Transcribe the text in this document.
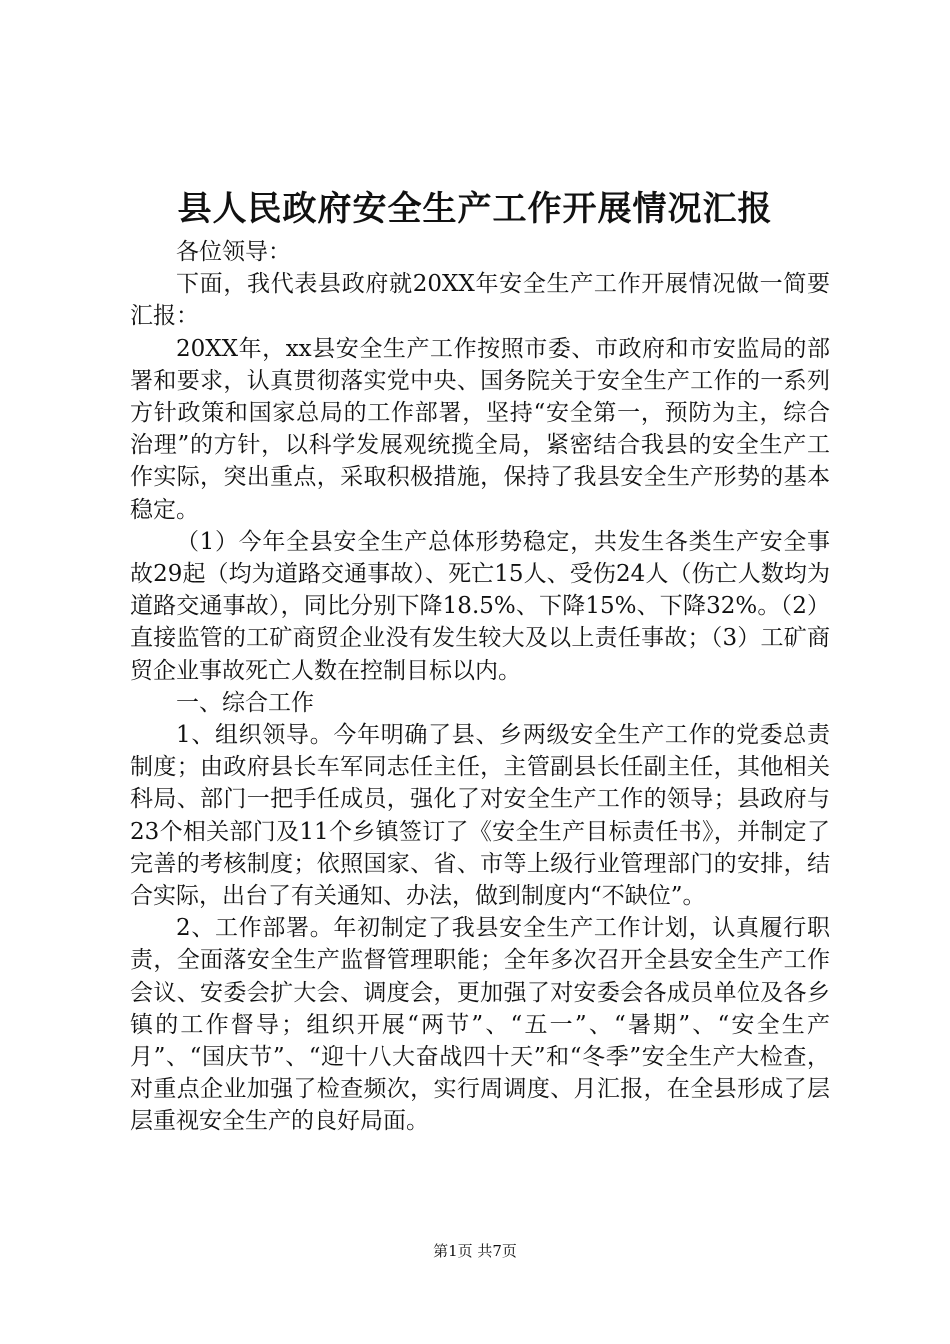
县人民政府安全生产工作开展情况汇报

各位领导：

下面，我代表县政府就20XX年安全生产工作开展情况做一简要汇报：

20XX年，xx县安全生产工作按照市委、市政府和市安监局的部署和要求，认真贯彻落实党中央、国务院关于安全生产工作的一系列方针政策和国家总局的工作部署，坚持“安全第一，预防为主，综合治理”的方针，以科学发展观统揽全局，紧密结合我县的安全生产工作实际，突出重点，采取积极措施，保持了我县安全生产形势的基本稳定。

（1）今年全县安全生产总体形势稳定，共发生各类生产安全事故29起（均为道路交通事故）、死亡15人、受伤24人（伤亡人数均为道路交通事故），同比分别下降18.5%、下降15%、下降32%。（2）直接监管的工矿商贸企业没有发生较大及以上责任事故；（3）工矿商贸企业事故死亡人数在控制目标以内。

一、综合工作

1、组织领导。今年明确了县、乡两级安全生产工作的党委总责制度；由政府县长车军同志任主任，主管副县长任副主任，其他相关科局、部门一把手任成员，强化了对安全生产工作的领导；县政府与23个相关部门及11个乡镇签订了《安全生产目标责任书》，并制定了完善的考核制度；依照国家、省、市等上级行业管理部门的安排，结合实际，出台了有关通知、办法，做到制度内“不缺位”。

2、工作部署。年初制定了我县安全生产工作计划，认真履行职责，全面落安全生产监督管理职能；全年多次召开全县安全生产工作会议、安委会扩大会、调度会，更加强了对安委会各成员单位及各乡镇的工作督导；组织开展“两节”、“五一”、“暑期”、“安全生产月”、“国庆节”、“迎十八大奋战四十天”和“冬季”安全生产大检查，对重点企业加强了检查频次，实行周调度、月汇报，在全县形成了层层重视安全生产的良好局面。

第1页 共7页
